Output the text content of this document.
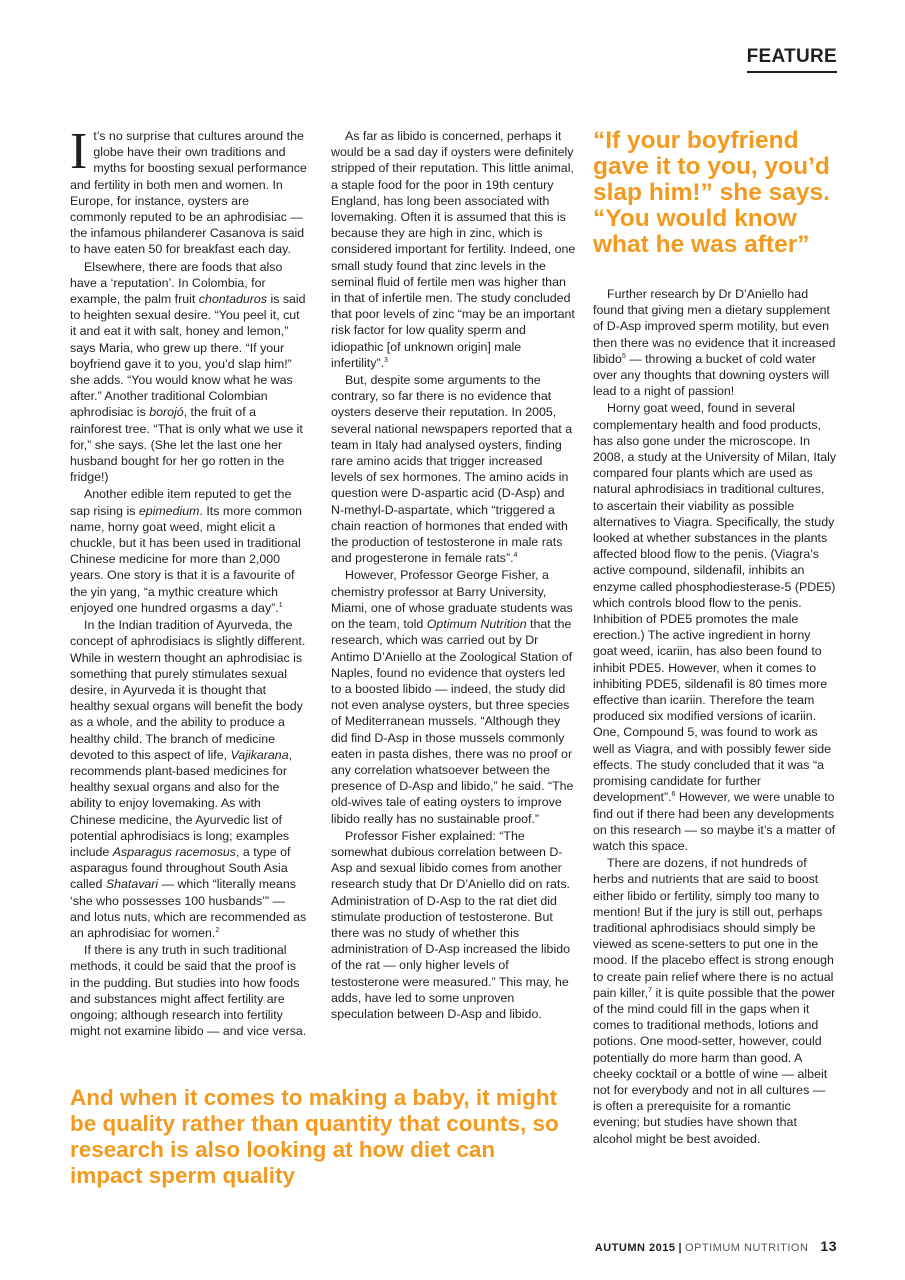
FEATURE

It’s no surprise that cultures around the globe have their own traditions and myths for boosting sexual performance and fertility in both men and women. In Europe, for instance, oysters are commonly reputed to be an aphrodisiac — the infamous philanderer Casanova is said to have eaten 50 for breakfast each day.

Elsewhere, there are foods that also have a ‘reputation’. In Colombia, for example, the palm fruit chontaduros is said to heighten sexual desire. “You peel it, cut it and eat it with salt, honey and lemon,” says Maria, who grew up there. “If your boyfriend gave it to you, you’d slap him!” she adds. “You would know what he was after.” Another traditional Colombian aphrodisiac is borojó, the fruit of a rainforest tree. “That is only what we use it for,” she says. (She let the last one her husband bought for her go rotten in the fridge!)

Another edible item reputed to get the sap rising is epimedium. Its more common name, horny goat weed, might elicit a chuckle, but it has been used in traditional Chinese medicine for more than 2,000 years. One story is that it is a favourite of the yin yang, “a mythic creature which enjoyed one hundred orgasms a day”.$^1$

In the Indian tradition of Ayurveda, the concept of aphrodisiacs is slightly different. While in western thought an aphrodisiac is something that purely stimulates sexual desire, in Ayurveda it is thought that healthy sexual organs will benefit the body as a whole, and the ability to produce a healthy child. The branch of medicine devoted to this aspect of life, Vajikarana, recommends plant-based medicines for healthy sexual organs and also for the ability to enjoy lovemaking. As with Chinese medicine, the Ayurvedic list of potential aphrodisiacs is long; examples include Asparagus racemosus, a type of asparagus found throughout South Asia called Shatavari — which “literally means ‘she who possesses 100 husbands’” — and lotus nuts, which are recommended as an aphrodisiac for women.$^2$

If there is any truth in such traditional methods, it could be said that the proof is in the pudding. But studies into how foods and substances might affect fertility are ongoing; although research into fertility might not examine libido — and vice versa.

As far as libido is concerned, perhaps it would be a sad day if oysters were definitely stripped of their reputation. This little animal, a staple food for the poor in 19th century England, has long been associated with lovemaking. Often it is assumed that this is because they are high in zinc, which is considered important for fertility. Indeed, one small study found that zinc levels in the seminal fluid of fertile men was higher than in that of infertile men. The study concluded that poor levels of zinc “may be an important risk factor for low quality sperm and idiopathic [of unknown origin] male infertility”.$^3$

But, despite some arguments to the contrary, so far there is no evidence that oysters deserve their reputation. In 2005, several national newspapers reported that a team in Italy had analysed oysters, finding rare amino acids that trigger increased levels of sex hormones. The amino acids in question were D-aspartic acid (D-Asp) and N-methyl-D-aspartate, which “triggered a chain reaction of hormones that ended with the production of testosterone in male rats and progesterone in female rats”.$^4$

However, Professor George Fisher, a chemistry professor at Barry University, Miami, one of whose graduate students was on the team, told Optimum Nutrition that the research, which was carried out by Dr Antimo D’Aniello at the Zoological Station of Naples, found no evidence that oysters led to a boosted libido — indeed, the study did not even analyse oysters, but three species of Mediterranean mussels. “Although they did find D-Asp in those mussels commonly eaten in pasta dishes, there was no proof or any correlation whatsoever between the presence of D-Asp and libido,” he said. “The old-wives tale of eating oysters to improve libido really has no sustainable proof.”

Professor Fisher explained: “The somewhat dubious correlation between D-Asp and sexual libido comes from another research study that Dr D’Aniello did on rats. Administration of D-Asp to the rat diet did stimulate production of testosterone. But there was no study of whether this administration of D-Asp increased the libido of the rat — only higher levels of testosterone were measured.” This may, he adds, have led to some unproven speculation between D-Asp and libido.

“If your boyfriend gave it to you, you’d slap him!” she says. “You would know what he was after”

Further research by Dr D’Aniello had found that giving men a dietary supplement of D-Asp improved sperm motility, but even then there was no evidence that it increased libido$^5$ — throwing a bucket of cold water over any thoughts that downing oysters will lead to a night of passion!

Horny goat weed, found in several complementary health and food products, has also gone under the microscope. In 2008, a study at the University of Milan, Italy compared four plants which are used as natural aphrodisiacs in traditional cultures, to ascertain their viability as possible alternatives to Viagra. Specifically, the study looked at whether substances in the plants affected blood flow to the penis. (Viagra’s active compound, sildenafil, inhibits an enzyme called phosphodiesterase-5 (PDE5) which controls blood flow to the penis. Inhibition of PDE5 promotes the male erection.) The active ingredient in horny goat weed, icariin, has also been found to inhibit PDE5. However, when it comes to inhibiting PDE5, sildenafil is 80 times more effective than icariin. Therefore the team produced six modified versions of icariin. One, Compound 5, was found to work as well as Viagra, and with possibly fewer side effects. The study concluded that it was “a promising candidate for further development”.$^6$ However, we were unable to find out if there had been any developments on this research — so maybe it’s a matter of watch this space.

There are dozens, if not hundreds of herbs and nutrients that are said to boost either libido or fertility, simply too many to mention! But if the jury is still out, perhaps traditional aphrodisiacs should simply be viewed as scene-setters to put one in the mood. If the placebo effect is strong enough to create pain relief where there is no actual pain killer,$^7$ it is quite possible that the power of the mind could fill in the gaps when it comes to traditional methods, lotions and potions. One mood-setter, however, could potentially do more harm than good. A cheeky cocktail or a bottle of wine — albeit not for everybody and not in all cultures — is often a prerequisite for a romantic evening; but studies have shown that alcohol might be best avoided.

And when it comes to making a baby, it might be quality rather than quantity that counts, so research is also looking at how diet can impact sperm quality
AUTUMN 2015 | OPTIMUM NUTRITION 13
